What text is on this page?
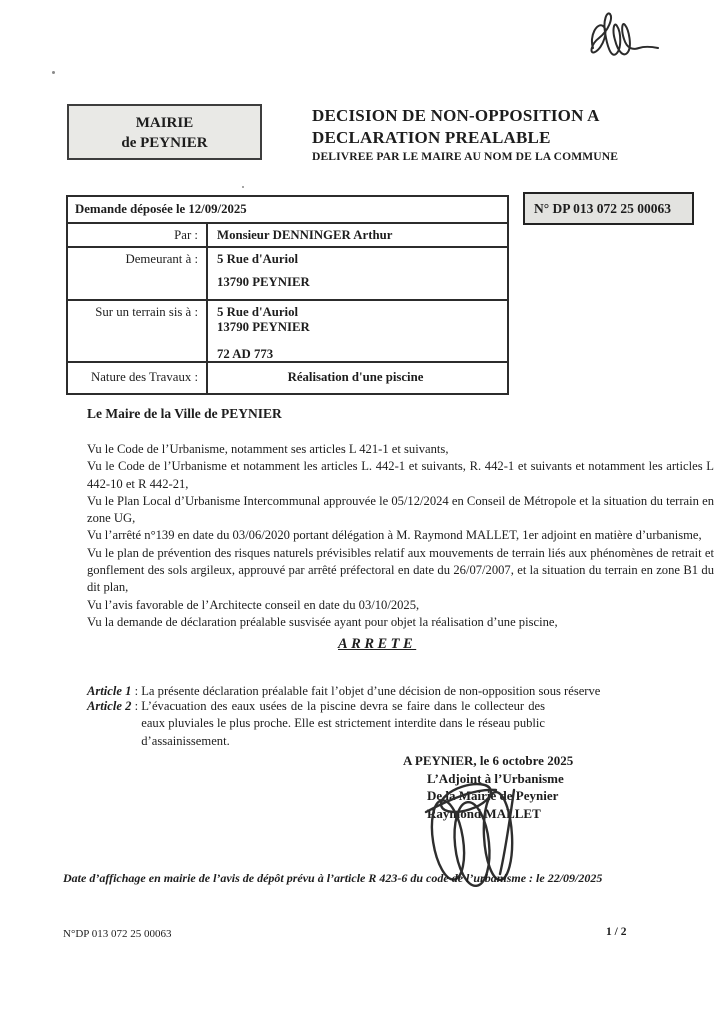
MAIRIE
de PEYNIER
DECISION DE NON-OPPOSITION A
DECLARATION PREALABLE
DELIVREE PAR LE MAIRE AU NOM DE LA COMMUNE
N° DP 013 072 25 00063
Demande déposée le 12/09/2025
Par :	Monsieur DENNINGER Arthur
Demeurant à :	5 Rue d'Auriol
13790 PEYNIER
Sur un terrain sis à :	5 Rue d'Auriol
13790 PEYNIER
72 AD 773
Nature des Travaux :	Réalisation d'une piscine
Le Maire de la Ville de PEYNIER

Vu le Code de l’Urbanisme, notamment ses articles L 421-1 et suivants,

Vu le Code de l’Urbanisme et notamment les articles L. 442-1 et suivants, R. 442-1 et suivants et notamment les articles L 442-10 et R 442-21,

Vu le Plan Local d’Urbanisme Intercommunal approuvée le 05/12/2024 en Conseil de Métropole et la situation du terrain en zone UG,

Vu l’arrêté n°139 en date du 03/06/2020 portant délégation à M. Raymond MALLET, 1er adjoint en matière d’urbanisme,

Vu le plan de prévention des risques naturels prévisibles relatif aux mouvements de terrain liés aux phénomènes de retrait et gonflement des sols argileux, approuvé par arrêté préfectoral en date du 26/07/2007, et la situation du terrain en zone B1 du dit plan,

Vu l’avis favorable de l’Architecte conseil en date du 03/10/2025,

Vu la demande de déclaration préalable susvisée ayant pour objet la réalisation d’une piscine,

ARRETE

Article 1 : La présente déclaration préalable fait l’objet d’une décision de non-opposition sous réserve

Article 2 : L’évacuation des eaux usées de la piscine devra se faire dans le collecteur des eaux pluviales le plus proche. Elle est strictement interdite dans le réseau public d’assainissement.
A PEYNIER, le 6 octobre 2025
L’Adjoint à l’Urbanisme
De la Mairie de Peynier
Raymond MALLET
Date d’affichage en mairie de l’avis de dépôt prévu à l’article R 423-6 du code de l’urbanisme : le 22/09/2025
N°DP 013 072 25 00063	1 / 2
